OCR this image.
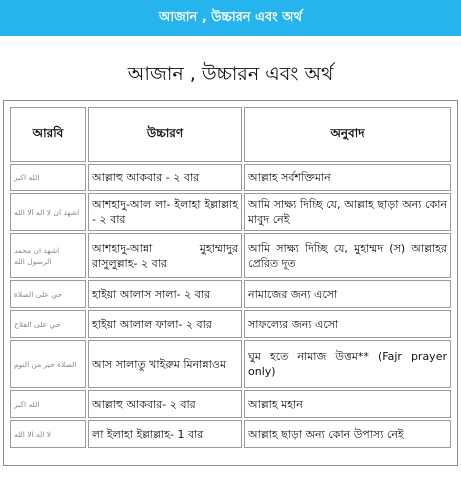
আজান , উচ্চারন এবং অর্থ
আজান , উচ্চারন এবং অর্থ
আরবি	উচ্চারণ	অনুবাদ
الله اكبر	আল্লাহু আকবার - ২ বার	আল্লাহ সর্বশক্তিমান
اشهد ان لا اله الا الله	আশহাদু-আল লা- ইলাহা ইল্লাল্লাহ - ২ বার	আমি সাক্ষ্য দিচ্ছি যে, আল্লাহ ছাড়া অন্য কোন মাবুদ নেই
اشهد ان محمد الرسول الله	আশহাদু-আন্না মুহাম্মাদুর রাসুলুল্লাহ- ২ বার	আমি সাক্ষ্য দিচ্ছি যে, মুহাম্মদ (স) আল্লাহর প্রেরিত দূত
حي على الصلاة	হাইয়া আলাস সালা- ২ বার	নামাজের জন্য এসো
حي على الفلاح	হাইয়া আলাল ফালা- ২ বার	সাফল্যের জন্য এসো
الصلاة خير من النوم	আস সালাতু খাইরুম মিনান্নাওম	ঘুম হতে নামাজ উত্তম** (Fajr prayer only)
الله اكبر	আল্লাহু আকবার- ২ বার	আল্লাহ মহান
لا اله الا الله	লা ইলাহা ইল্লাল্লাহ- 1 বার	আল্লাহ ছাড়া অন্য কোন উপাস্য নেই
